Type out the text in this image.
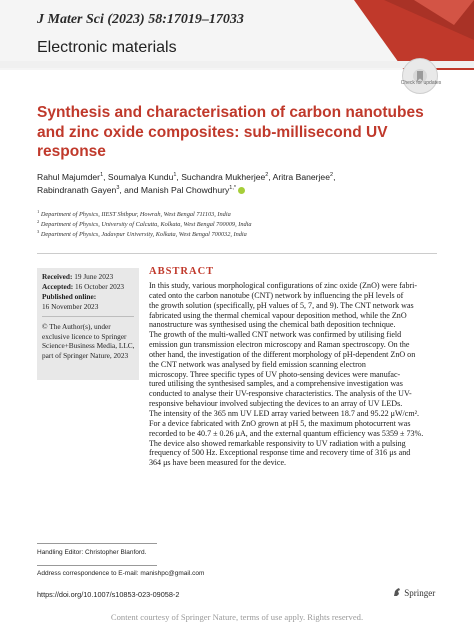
J Mater Sci (2023) 58:17019–17033
Electronic materials
Check for updates
Synthesis and characterisation of carbon nanotubes and zinc oxide composites: sub-millisecond UV response
Rahul Majumder$^1$, Soumalya Kundu$^1$, Suchandra Mukherjee$^2$, Aritra Banerjee$^2$,
Rabindranath Gayen$^3$, and Manish Pal Chowdhury$^{1,*}$
$^1$ Department of Physics, IIEST Shibpur, Howrah, West Bengal 711103, India
$^2$ Department of Physics, University of Calcutta, Kolkata, West Bengal 700009, India
$^3$ Department of Physics, Jadavpur University, Kolkata, West Bengal 700032, India
Received: 19 June 2023
Accepted: 16 October 2023
Published online:
16 November 2023
© The Author(s), under exclusive licence to Springer Science+Business Media, LLC, part of Springer Nature, 2023
ABSTRACT
In this study, various morphological configurations of zinc oxide (ZnO) were fabri-
cated onto the carbon nanotube (CNT) network by influencing the pH levels of
the growth solution (specifically, pH values of 5, 7, and 9). The CNT network was
fabricated using the thermal chemical vapour deposition method, while the ZnO
nanostructure was synthesised using the chemical bath deposition technique.
The growth of the multi-walled CNT network was confirmed by utilising field
emission gun transmission electron microscopy and Raman spectroscopy. On the
other hand, the investigation of the different morphology of pH-dependent ZnO on
the CNT network was analysed by field emission scanning electron
microscopy. Three specific types of UV photo-sensing devices were manufac-
tured utilising the synthesised samples, and a comprehensive investigation was
conducted to analyse their UV-responsive characteristics. The analysis of the UV-
responsive behaviour involved subjecting the devices to an array of UV LEDs.
The intensity of the 365 nm UV LED array varied between 18.7 and 95.22 μW/cm².
For a device fabricated with ZnO grown at pH 5, the maximum photocurrent was
recorded to be 40.7 ± 0.26 μA, and the external quantum efficiency was 5359 ± 73%.
The device also showed remarkable responsivity to UV radiation with a pulsing
frequency of 500 Hz. Exceptional response time and recovery time of 316 μs and
364 μs have been measured for the device.
Handling Editor: Christopher Blanford.
Address correspondence to E-mail: manishpc@gmail.com
https://doi.org/10.1007/s10853-023-09058-2	Springer
Content courtesy of Springer Nature, terms of use apply. Rights reserved.
